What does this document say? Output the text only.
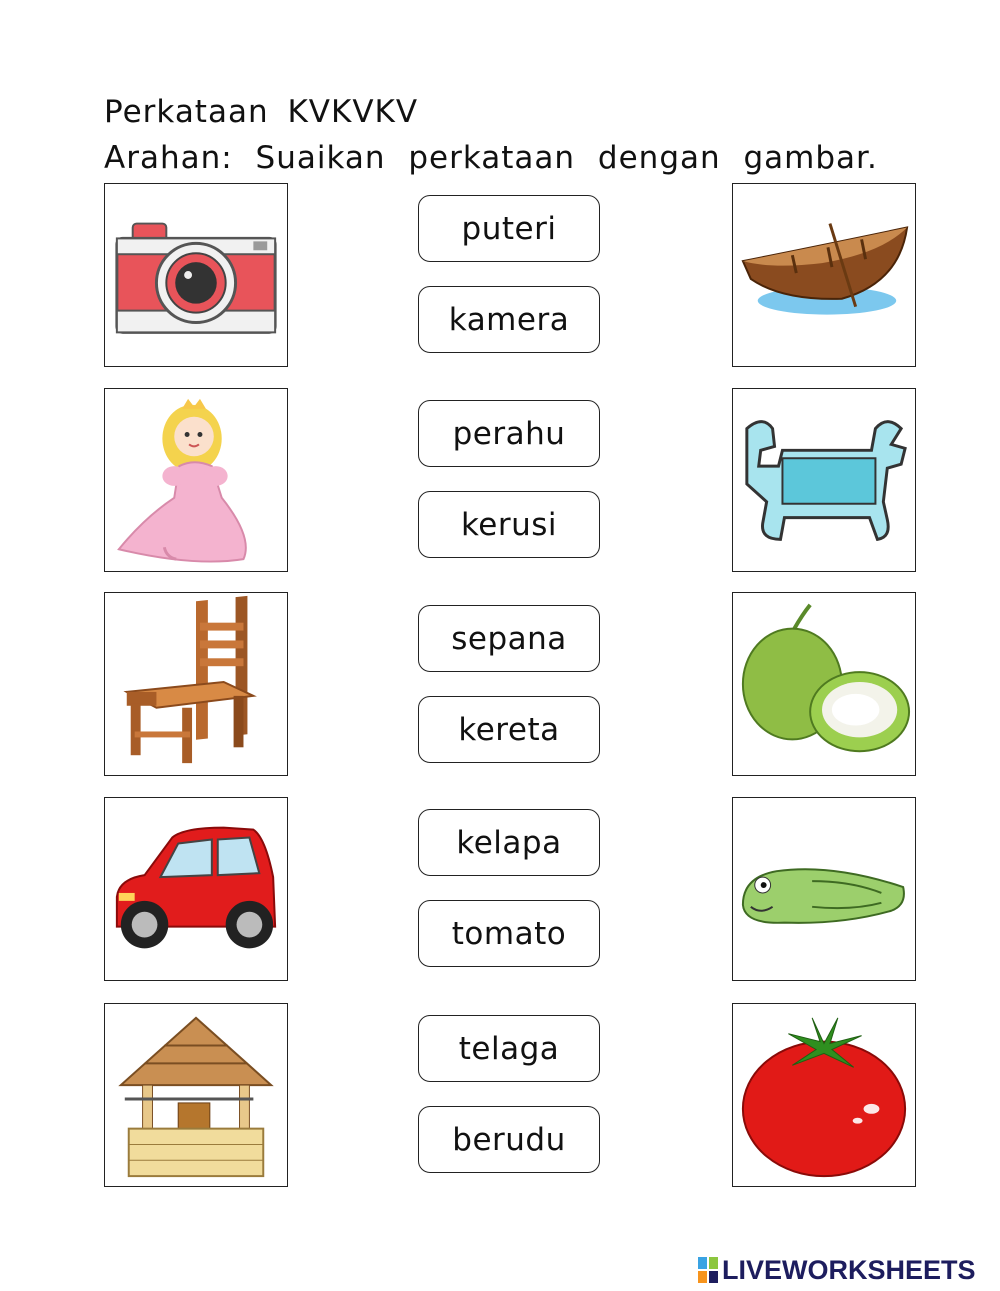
Perkataan KVKVKV
Arahan: Suaikan perkataan dengan gambar.
puteri
kamera
perahu
kerusi
sepana
kereta
kelapa
tomato
telaga
berudu
LIVEWORKSHEETS
